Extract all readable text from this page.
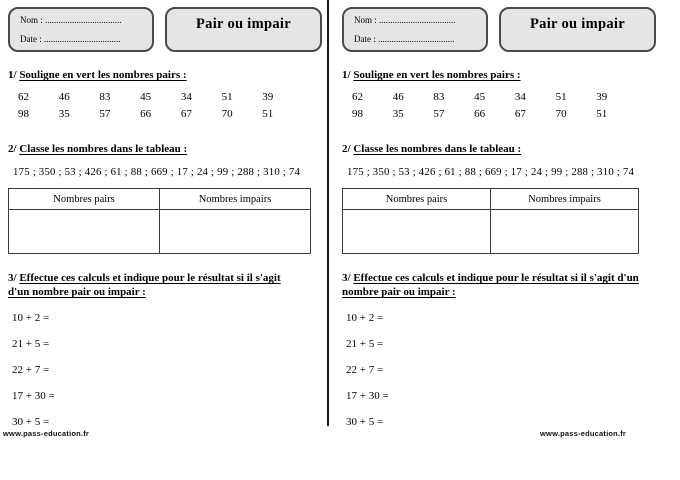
Nom : ..................................
Date : ..................................
Pair ou impair
1/ Souligne en vert les nombres pairs :
62	46	83	45	34	51	39
98	35	57	66	67	70	51
2/ Classe les nombres dans le tableau :
175 ; 350 ; 53 ; 426 ; 61 ; 88 ; 669 ; 17 ; 24 ; 99 ; 288 ; 310 ; 74
Nombres pairs	Nombres impairs

3/ Effectue ces calculs et indique pour le résultat si il s'agit
d'un nombre pair ou impair :
10 + 2 =
21 + 5 =
22 + 7 =
17 + 30 =
30 + 5 =
Nom : ..................................
Date : ..................................
Pair ou impair
1/ Souligne en vert les nombres pairs :
62	46	83	45	34	51	39
98	35	57	66	67	70	51
2/ Classe les nombres dans le tableau :
175 ; 350 ; 53 ; 426 ; 61 ; 88 ; 669 ; 17 ; 24 ; 99 ; 288 ; 310 ; 74
Nombres pairs	Nombres impairs

3/ Effectue ces calculs et indique pour le résultat si il s'agit d'un
nombre pair ou impair :
10 + 2 =
21 + 5 =
22 + 7 =
17 + 30 =
30 + 5 =
www.pass-education.fr	www.pass-education.fr
